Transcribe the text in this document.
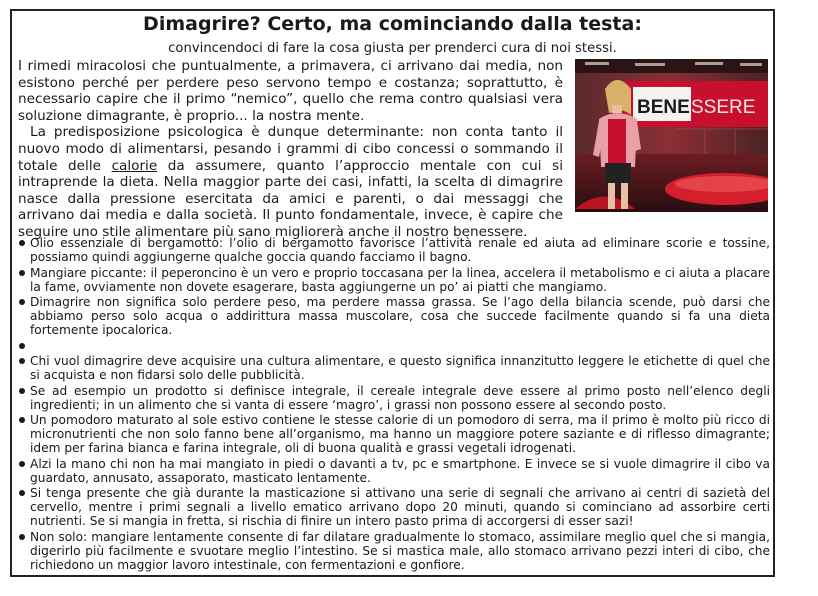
Dimagrire? Certo, ma cominciando dalla testa:
convincendoci di fare la cosa giusta per prenderci cura di noi stessi.
BENE SSERE

I rimedi miracolosi che puntualmente, a primavera, ci arrivano dai media, non esistono perché per perdere peso servono tempo e costanza; soprattutto, è necessario capire che il primo “nemico”, quello che rema contro qualsiasi vera soluzione dimagrante, è proprio... la nostra mente.

La predisposizione psicologica è dunque determinante: non conta tanto il nuovo modo di alimentarsi, pesando i grammi di cibo concessi o sommando il totale delle calorie da assumere, quanto l’approccio mentale con cui si intraprende la dieta. Nella maggior parte dei casi, infatti, la scelta di dimagrire nasce dalla pressione esercitata da amici e parenti, o dai messaggi che arrivano dai media e dalla società. Il punto fondamentale, invece, è capire che seguire uno stile alimentare più sano migliorerà anche il nostro benessere.

Olio essenziale di bergamotto: l’olio di bergamotto favorisce l’attività renale ed aiuta ad eliminare scorie e tossine, possiamo quindi aggiungerne qualche goccia quando facciamo il bagno.
Mangiare piccante: il peperoncino è un vero e proprio toccasana per la linea, accelera il metabolismo e ci aiuta a placare la fame, ovviamente non dovete esagerare, basta aggiungerne un po’ ai piatti che mangiamo.
Dimagrire non significa solo perdere peso, ma perdere massa grassa. Se l’ago della bilancia scende, può darsi che abbiamo perso solo acqua o addirittura massa muscolare, cosa che succede facilmente quando si fa una dieta fortemente ipocalorica.
Chi vuol dimagrire deve acquisire una cultura alimentare, e questo significa innanzitutto leggere le etichette di quel che si acquista e non fidarsi solo delle pubblicità.
Se ad esempio un prodotto si definisce integrale, il cereale integrale deve essere al primo posto nell’elenco degli ingredienti; in un alimento che si vanta di essere ‘magro’, i grassi non possono essere al secondo posto.
Un pomodoro maturato al sole estivo contiene le stesse calorie di un pomodoro di serra, ma il primo è molto più ricco di micronutrienti che non solo fanno bene all’organismo, ma hanno un maggiore potere saziante e di riflesso dimagrante; idem per farina bianca e farina integrale, oli di buona qualità e grassi vegetali idrogenati.
Alzi la mano chi non ha mai mangiato in piedi o davanti a tv, pc e smartphone. E invece se si vuole dimagrire il cibo va guardato, annusato, assaporato, masticato lentamente.
Si tenga presente che già durante la masticazione si attivano una serie di segnali che arrivano ai centri di sazietà del cervello, mentre i primi segnali a livello ematico arrivano dopo 20 minuti, quando si cominciano ad assorbire certi nutrienti. Se si mangia in fretta, si rischia di finire un intero pasto prima di accorgersi di esser sazi!
Non solo: mangiare lentamente consente di far dilatare gradualmente lo stomaco, assimilare meglio quel che si mangia, digerirlo più facilmente e svuotare meglio l’intestino. Se si mastica male, allo stomaco arrivano pezzi interi di cibo, che richiedono un maggior lavoro intestinale, con fermentazioni e gonfiore.
